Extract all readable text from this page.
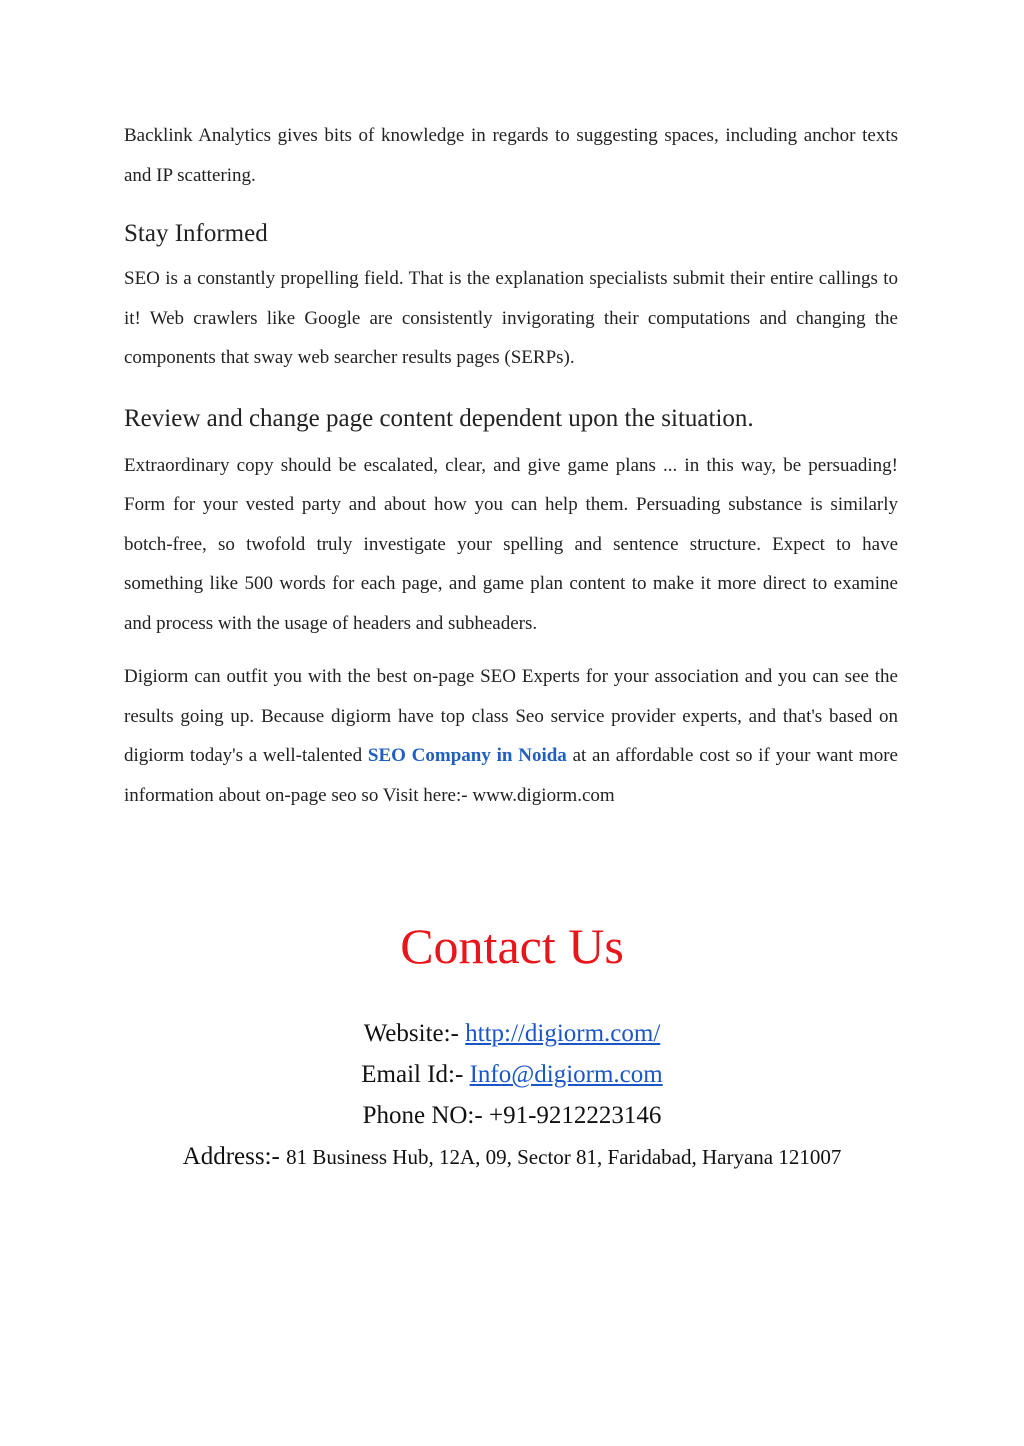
Backlink Analytics gives bits of knowledge in regards to suggesting spaces, including anchor texts and IP scattering.

Stay Informed

SEO is a constantly propelling field. That is the explanation specialists submit their entire callings to it! Web crawlers like Google are consistently invigorating their computations and changing the components that sway web searcher results pages (SERPs).

Review and change page content dependent upon the situation.

Extraordinary copy should be escalated, clear, and give game plans ... in this way, be persuading! Form for your vested party and about how you can help them. Persuading substance is similarly botch-free, so twofold truly investigate your spelling and sentence structure. Expect to have something like 500 words for each page, and game plan content to make it more direct to examine and process with the usage of headers and subheaders.

Digiorm can outfit you with the best on-page SEO Experts for your association and you can see the results going up. Because digiorm have top class Seo service provider experts, and that's based on digiorm today's a well-talented SEO Company in Noida at an affordable cost so if your want more information about on-page seo so Visit here:- www.digiorm.com

Contact Us

Website:- http://digiorm.com/

Email Id:- Info@digiorm.com

Phone NO:- +91-9212223146

Address:- 81 Business Hub, 12A, 09, Sector 81, Faridabad, Haryana 121007
